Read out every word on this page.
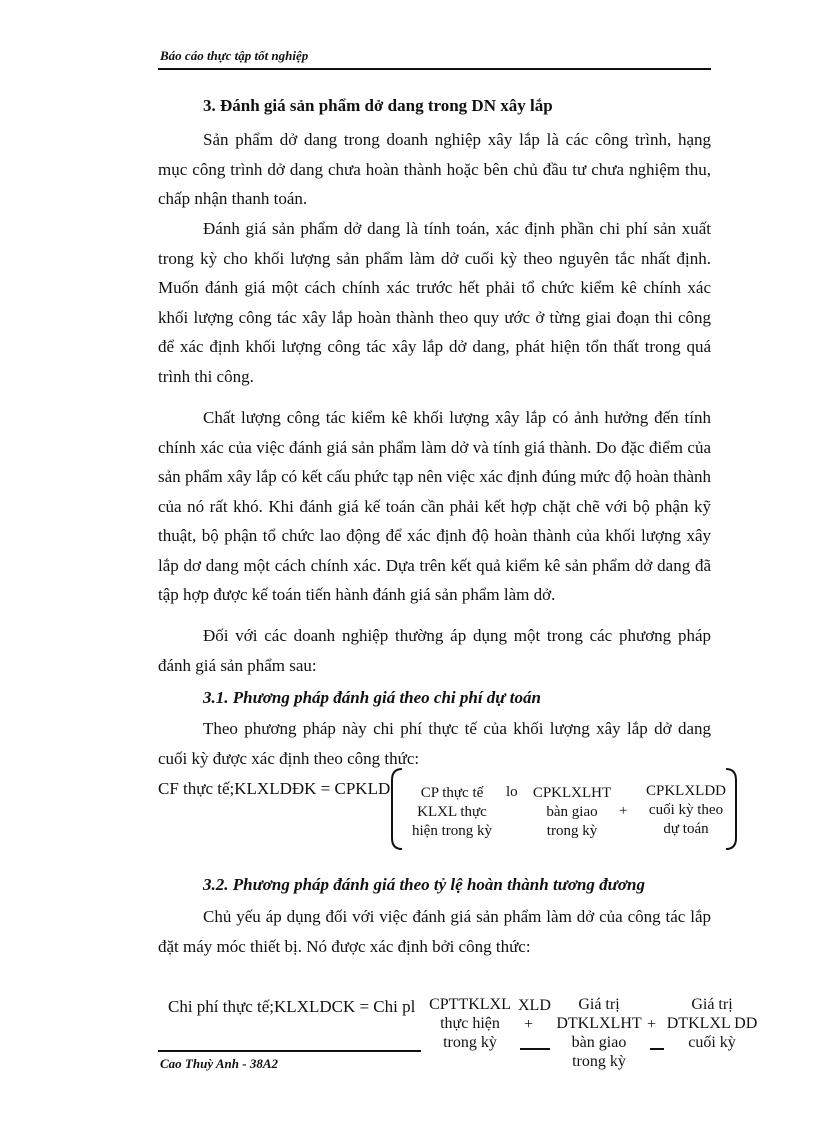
Báo cáo thực tập tốt nghiệp
3. Đánh giá sản phẩm dở dang trong DN xây lắp
Sản phẩm dở dang trong doanh nghiệp xây lắp là các công trình, hạng mục công trình dở dang chưa hoàn thành hoặc bên chủ đầu tư chưa nghiệm thu, chấp nhận thanh toán.
Đánh giá sản phẩm dở dang là tính toán, xác định phần chi phí sản xuất trong kỳ cho khối lượng sản phẩm làm dở cuối kỳ theo nguyên tắc nhất định. Muốn đánh giá một cách chính xác trước hết phải tổ chức kiểm kê chính xác khối lượng công tác xây lắp hoàn thành theo quy ước ở từng giai đoạn thi công để xác định khối lượng công tác xây lắp dở dang, phát hiện tổn thất trong quá trình thi công.
Chất lượng công tác kiểm kê khối lượng xây lắp có ảnh hưởng đến tính chính xác của việc đánh giá sản phẩm làm dở và tính giá thành. Do đặc điểm của sản phẩm xây lắp có kết cấu phức tạp nên việc xác định đúng mức độ hoàn thành của nó rất khó. Khi đánh giá kế toán cần phải kết hợp chặt chẽ với bộ phận kỹ thuật, bộ phận tổ chức lao động để xác định độ hoàn thành của khối lượng xây lắp dơ dang một cách chính xác. Dựa trên kết quả kiểm kê sản phẩm dở dang đã tập hợp được kế toán tiến hành đánh giá sản phẩm làm dở.
Đối với các doanh nghiệp thường áp dụng một trong các phương pháp đánh giá sản phẩm sau:
3.1. Phương pháp đánh giá theo chi phí dự toán
Theo phương pháp này chi phí thực tế của khối lượng xây lắp dở dang cuối kỳ được xác định theo công thức:
CF thực tế;KLXLDĐK = CPKLD	CP thực tế
KLXL thực
hiện trong kỳ
lo	CPKLXLHT
bàn giao
trong kỳ
+
CPKLXLDD
cuối kỳ theo
dự toán
3.2. Phương pháp đánh giá theo tỷ lệ hoàn thành tương đương
Chủ yếu áp dụng đối với việc đánh giá sản phẩm làm dở của công tác lắp đặt máy móc thiết bị. Nó được xác định bởi công thức:
Chi phí thực tế;KLXLDCK = Chi pl CPTTKLXL
thực hiện
trong kỳ
XLD
+
Giá trị
DTKLXLHT
bàn giao
trong kỳ
+
Giá trị
DTKLXL DD
cuối kỳ
Cao Thuỳ Anh - 38A2
